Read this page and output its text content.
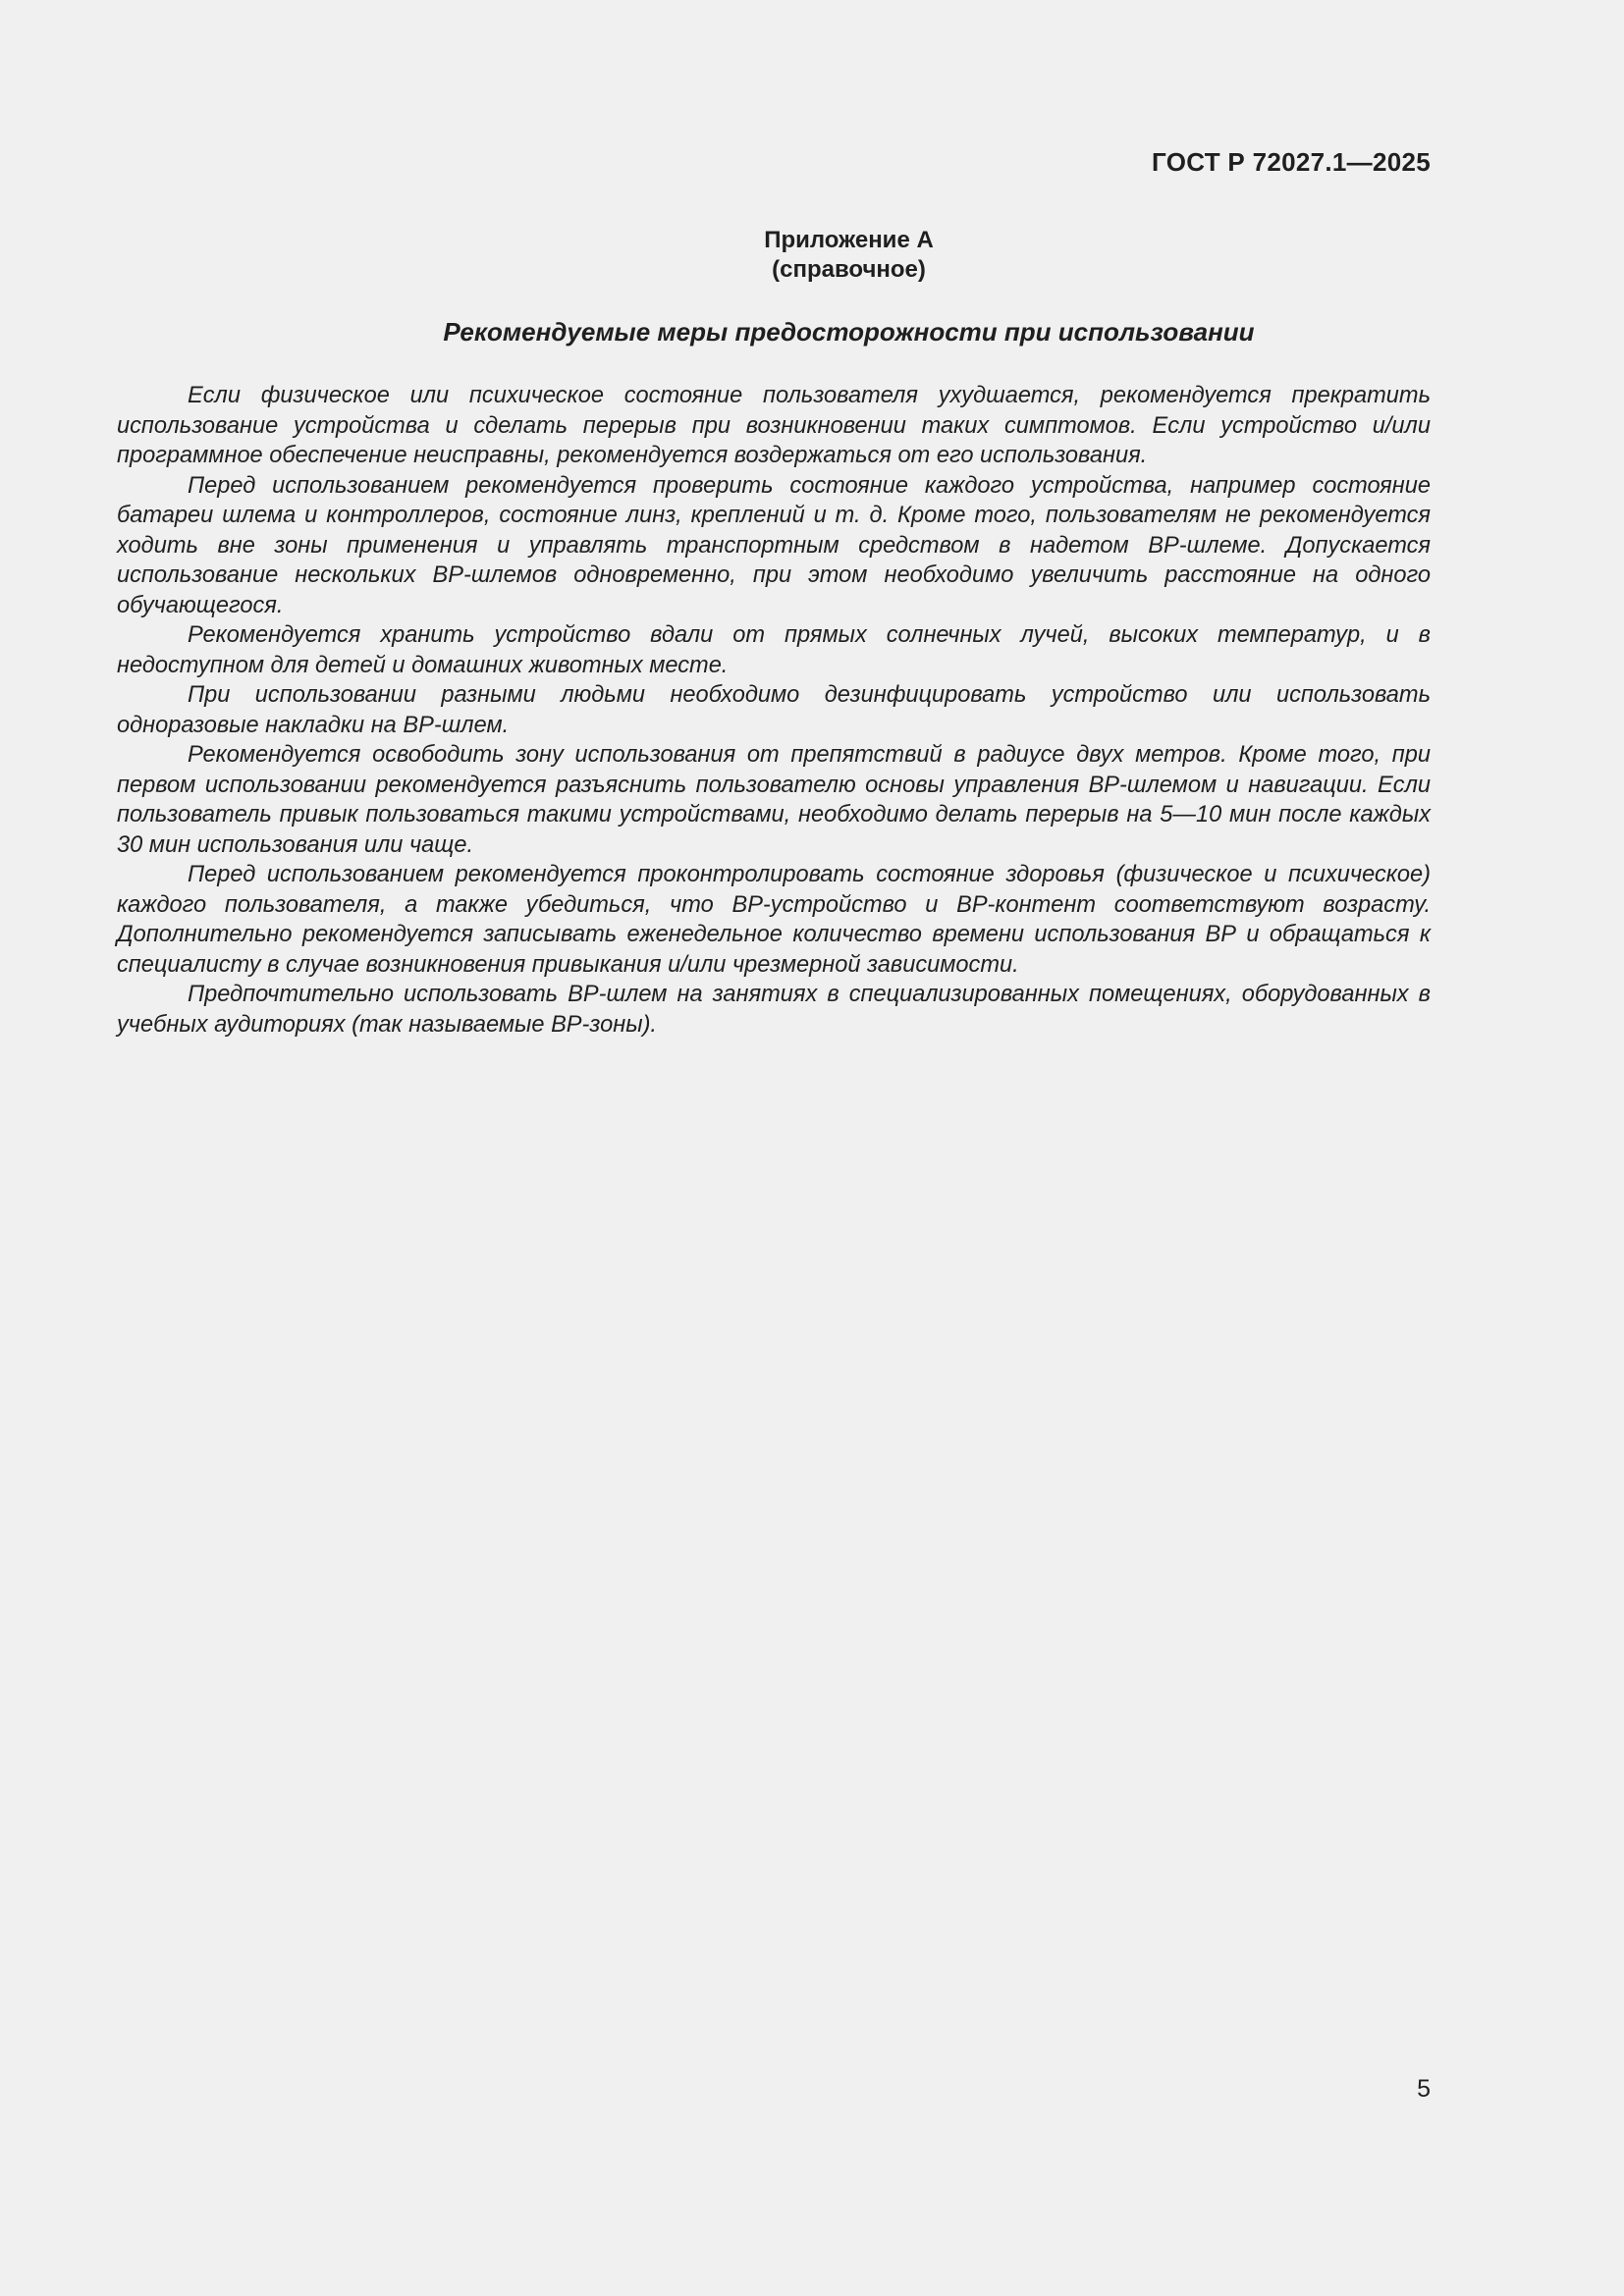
ГОСТ Р 72027.1—2025
Приложение А
(справочное)
Рекомендуемые меры предосторожности при использовании

Если физическое или психическое состояние пользователя ухудшается, рекомендуется прекратить использование устройства и сделать перерыв при возникновении таких симптомов. Если устройство и/или программное обеспечение неисправны, рекомендуется воздержаться от его использования.

Перед использованием рекомендуется проверить состояние каждого устройства, например состояние батареи шлема и контроллеров, состояние линз, креплений и т. д. Кроме того, пользователям не рекомендуется ходить вне зоны применения и управлять транспортным средством в надетом ВР-шлеме. Допускается использование нескольких ВР-шлемов одновременно, при этом необходимо увеличить расстояние на одного обучающегося.

Рекомендуется хранить устройство вдали от прямых солнечных лучей, высоких температур, и в недоступном для детей и домашних животных месте.

При использовании разными людьми необходимо дезинфицировать устройство или использовать одноразовые накладки на ВР-шлем.

Рекомендуется освободить зону использования от препятствий в радиусе двух метров. Кроме того, при первом использовании рекомендуется разъяснить пользователю основы управления ВР-шлемом и навигации. Если пользователь привык пользоваться такими устройствами, необходимо делать перерыв на 5—10 мин после каждых 30 мин использования или чаще.

Перед использованием рекомендуется проконтролировать состояние здоровья (физическое и психическое) каждого пользователя, а также убедиться, что ВР-устройство и ВР-контент соответствуют возрасту. Дополнительно рекомендуется записывать еженедельное количество времени использования ВР и обращаться к специалисту в случае возникновения привыкания и/или чрезмерной зависимости.

Предпочтительно использовать ВР-шлем на занятиях в специализированных помещениях, оборудованных в учебных аудиториях (так называемые ВР-зоны).

5
